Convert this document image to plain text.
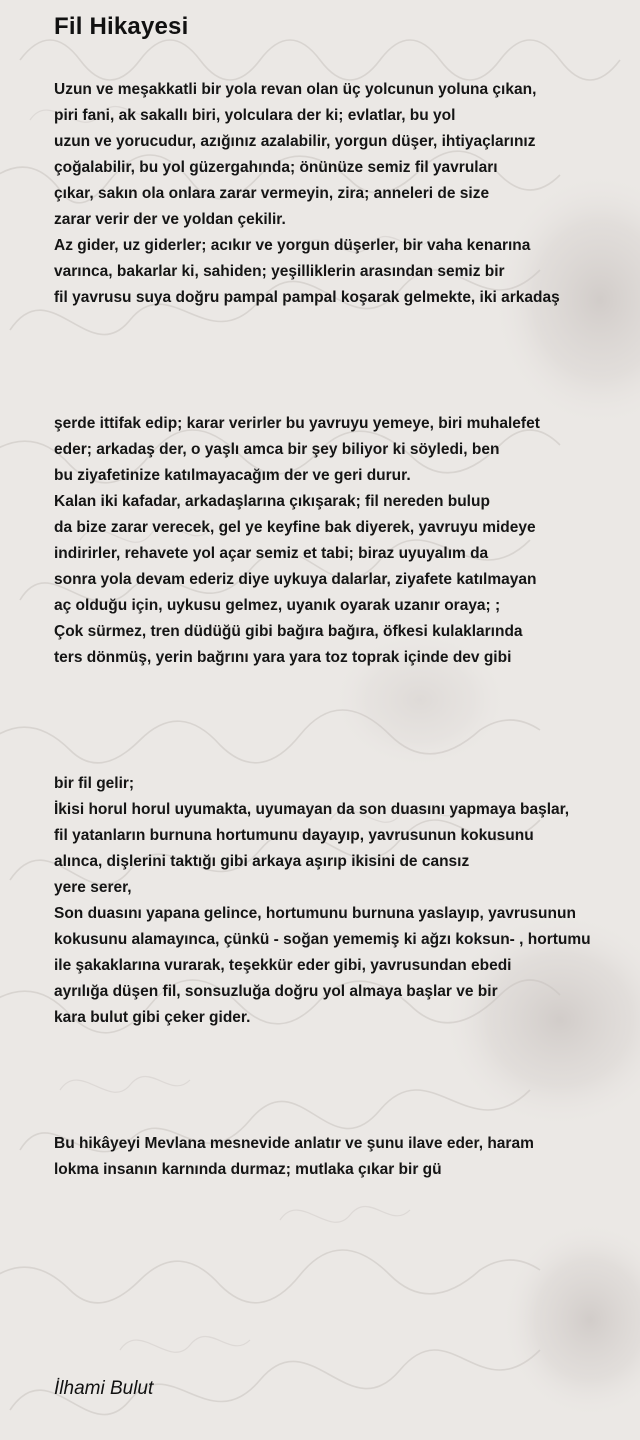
Fil Hikayesi
Uzun ve meşakkatli bir yola revan olan üç yolcunun yoluna çıkan,
piri fani, ak sakallı biri, yolculara der ki; evlatlar, bu yol
uzun ve yorucudur, azığınız azalabilir, yorgun düşer, ihtiyaçlarınız
çoğalabilir, bu yol güzergahında; önünüze semiz fil yavruları
çıkar, sakın ola onlara zarar vermeyin, zira; anneleri de size
zarar verir der ve yoldan çekilir.
Az gider, uz giderler; acıkır ve yorgun düşerler, bir vaha kenarına
varınca, bakarlar ki, sahiden; yeşilliklerin arasından semiz bir
fil yavrusu suya doğru pampal pampal koşarak gelmekte, iki arkadaş
şerde ittifak edip; karar verirler bu yavruyu yemeye, biri muhalefet
eder; arkadaş der, o yaşlı amca bir şey biliyor ki söyledi, ben
bu ziyafetinize katılmayacağım der ve geri durur.
Kalan iki kafadar, arkadaşlarına çıkışarak; fil nereden bulup
da bize zarar verecek, gel ye keyfine bak diyerek, yavruyu mideye
indirirler, rehavete yol açar semiz et tabi; biraz uyuyalım da
sonra yola devam ederiz diye uykuya dalarlar, ziyafete katılmayan
aç olduğu için, uykusu gelmez, uyanık oyarak uzanır oraya; ;
Çok sürmez, tren düdüğü gibi bağıra bağıra, öfkesi kulaklarında
ters dönmüş, yerin bağrını yara yara toz toprak içinde dev gibi
bir fil gelir;
İkisi horul horul uyumakta, uyumayan da son duasını yapmaya başlar,
fil yatanların burnuna hortumunu dayayıp, yavrusunun kokusunu
alınca, dişlerini taktığı gibi arkaya aşırıp ikisini de cansız
yere serer,
Son duasını yapana gelince, hortumunu burnuna yaslayıp, yavrusunun
kokusunu alamayınca, çünkü - soğan yememiş ki ağzı koksun- , hortumu
ile şakaklarına vurarak, teşekkür eder gibi, yavrusundan ebedi
ayrılığa düşen fil, sonsuzluğa doğru yol almaya başlar ve bir
kara bulut gibi çeker gider.
Bu hikâyeyi Mevlana mesnevide anlatır ve şunu ilave eder, haram
lokma insanın karnında durmaz; mutlaka çıkar bir gü

İlhami Bulut
